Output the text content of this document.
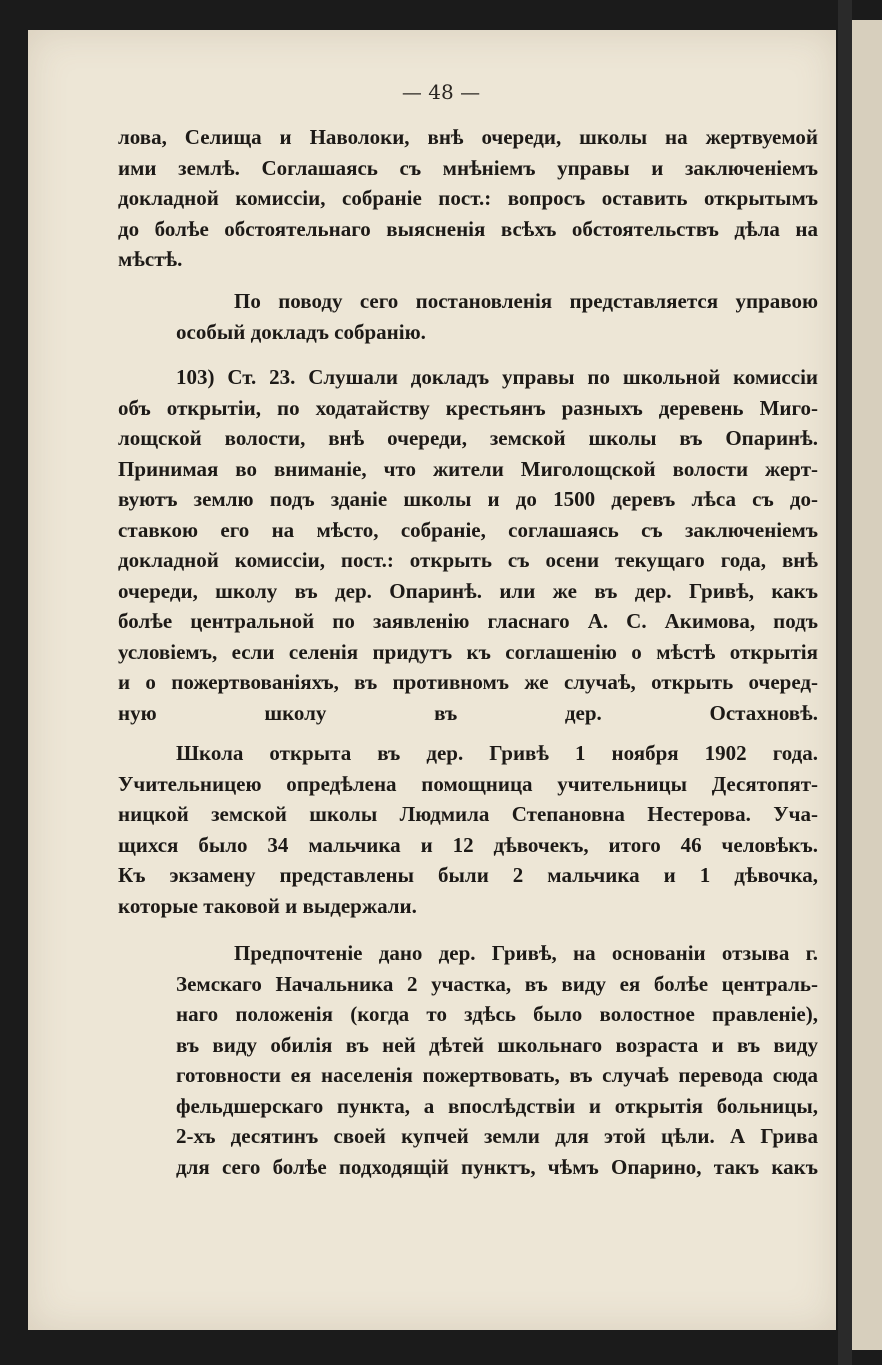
— 48 —
лова, Селища и Наволоки, внѣ очереди, школы на жертвуемой
ими землѣ. Соглашаясь съ мнѣніемъ управы и заключеніемъ
докладной комиссіи, собраніе пост.: вопросъ оставить открытымъ
до болѣе обстоятельнаго выясненія всѣхъ обстоятельствъ дѣла на
мѣстѣ.
По поводу сего постановленія представляется управою
особый докладъ собранію.
103) Ст. 23. Слушали докладъ управы по школьной комиссіи
объ открытіи, по ходатайству крестьянъ разныхъ деревень Миго-
лощской волости, внѣ очереди, земской школы въ Опаринѣ.
Принимая во вниманіе, что жители Миголощской волости жерт-
вуютъ землю подъ зданіе школы и до 1500 деревъ лѣса съ до-
ставкою его на мѣсто, собраніе, соглашаясь съ заключеніемъ
докладной комиссіи, пост.: открыть съ осени текущаго года, внѣ
очереди, школу въ дер. Опаринѣ. или же въ дер. Гривѣ, какъ
болѣе центральной по заявленію гласнаго А. С. Акимова, подъ
условіемъ, если селенія придутъ къ соглашенію о мѣстѣ открытія
и о пожертвованіяхъ, въ противномъ же случаѣ, открыть очеред-
ную школу въ дер. Остахновѣ.
Школа открыта въ дер. Гривѣ 1 ноября 1902 года.
Учительницею опредѣлена помощница учительницы Десятопят-
ницкой земской школы Людмила Степановна Нестерова. Уча-
щихся было 34 мальчика и 12 дѣвочекъ, итого 46 человѣкъ.
Къ экзамену представлены были 2 мальчика и 1 дѣвочка,
которые таковой и выдержали.
Предпочтеніе дано дер. Гривѣ, на основаніи отзыва г.
Земскаго Начальника 2 участка, въ виду ея болѣе централь-
наго положенія (когда то здѣсь было волостное правленіе),
въ виду обилія въ ней дѣтей школьнаго возраста и въ виду
готовности ея населенія пожертвовать, въ случаѣ перевода сюда
фельдшерскаго пункта, а впослѣдствіи и открытія больницы,
2-хъ десятинъ своей купчей земли для этой цѣли. А Грива
для сего болѣе подходящій пунктъ, чѣмъ Опарино, такъ какъ
